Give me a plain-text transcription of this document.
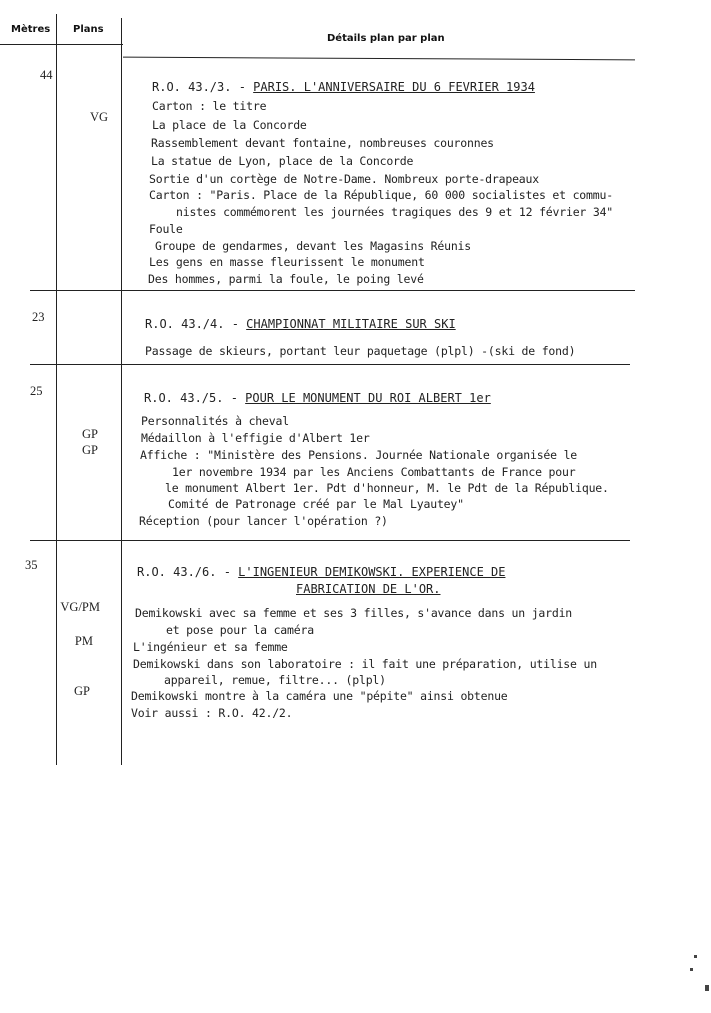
Mètres Plans
Détails plan par plan
44
VG
R.O. 43./3. - PARIS. L'ANNIVERSAIRE DU 6 FEVRIER 1934
Carton : le titre
La place de la Concorde
Rassemblement devant fontaine, nombreuses couronnes
La statue de Lyon, place de la Concorde
Sortie d'un cortège de Notre-Dame. Nombreux porte-drapeaux
Carton : "Paris. Place de la République, 60 000 socialistes et commu-
nistes commémorent les journées tragiques des 9 et 12 février 34"
Foule
Groupe de gendarmes, devant les Magasins Réunis
Les gens en masse fleurissent le monument
Des hommes, parmi la foule, le poing levé
23	R.O. 43./4. - CHAMPIONNAT MILITAIRE SUR SKI
Passage de skieurs, portant leur paquetage (plpl) -(ski de fond)
25
GP
GP
R.O. 43./5. - POUR LE MONUMENT DU ROI ALBERT 1er
Personnalités à cheval
Médaillon à l'effigie d'Albert 1er
Affiche : "Ministère des Pensions. Journée Nationale organisée le
1er novembre 1934 par les Anciens Combattants de France pour
le monument Albert 1er. Pdt d'honneur, M. le Pdt de la République.
Comité de Patronage créé par le Mal Lyautey"
Réception (pour lancer l'opération ?)
35
VG/PM
PM
GP
R.O. 43./6. - L'INGENIEUR DEMIKOWSKI. EXPERIENCE DE
FABRICATION DE L'OR.
Demikowski avec sa femme et ses 3 filles, s'avance dans un jardin
et pose pour la caméra
L'ingénieur et sa femme
Demikowski dans son laboratoire : il fait une préparation, utilise un
appareil, remue, filtre... (plpl)
Demikowski montre à la caméra une "pépite" ainsi obtenue
Voir aussi : R.O. 42./2.
